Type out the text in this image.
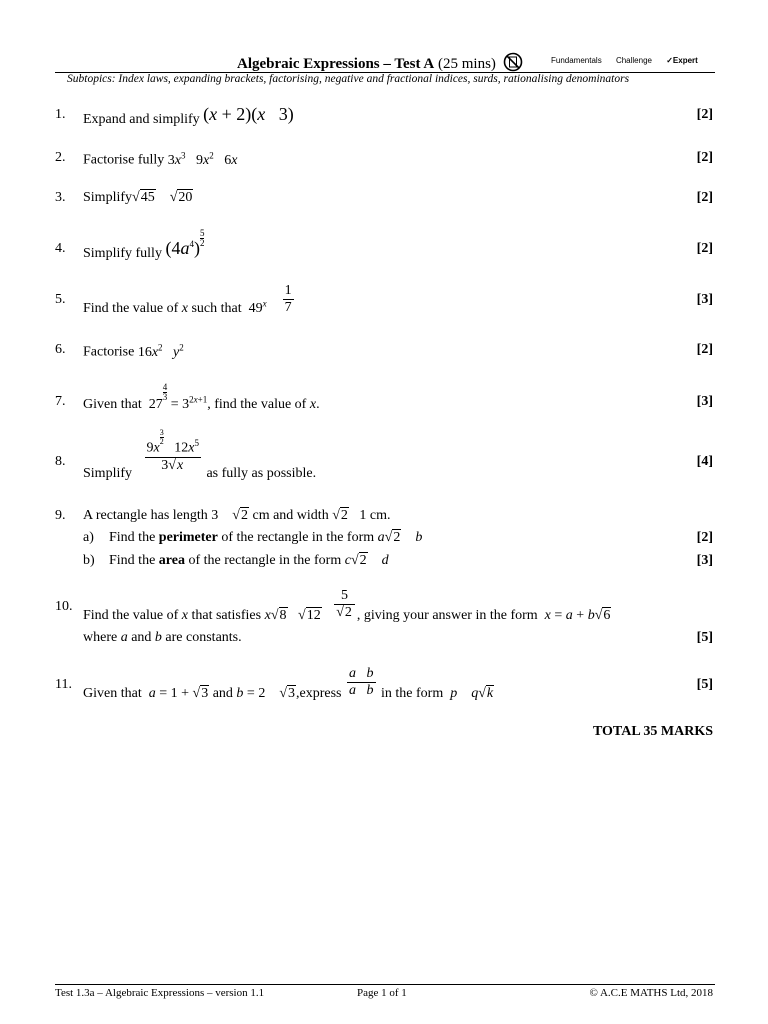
Algebraic Expressions – Test A (25 mins)	Fundamentals Challenge ✓Expert
Subtopics: Index laws, expanding brackets, factorising, negative and fractional indices, surds, rationalising denominators
1. Expand and simplify (x + 2)(x   3)	[2]
2. Factorise fully $3x^3$   $9x^2$   6x	[2]
3. Simplify√45    √20	[2]
4. Simplify fully $(4a^4) \frac{5}{2}$
[2]
5.
Find the value of x such that  $49^x \frac{1}{7}$	[3]
6. Factorise $16x^2$ $y^2$	[2]
7. Given that  27
$\frac{4}{3}$
= $3^{2x+1}$, find the value of x.	[3]
8.
Simplify 9x
$\frac{3}{2}$
$12x^5$
3√x as fully as possible.
[4]
9. A rectangle has length 3    √2 cm and width √2 1 cm.
a) Find the perimeter of the rectangle in the form a√2 b	[2]
b) Find the area of the rectangle in the form c√2 d	[3]
10.
Find the value of x that satisfies x√8   $√12 \frac{5}{√2}$ , giving your answer in the form x = a + b√6
where a and b are constants.	[5]
11.
Given that a = 1 + √3 and b = 2    √3,express $\frac{\text{a b}}{\text{a b}}$ in the form p q√k
[5]
TOTAL 35 MARKS
Test 1.3a – Algebraic Expressions – version 1.1	Page 1 of 1	© A.C.E MATHS Ltd, 2018
